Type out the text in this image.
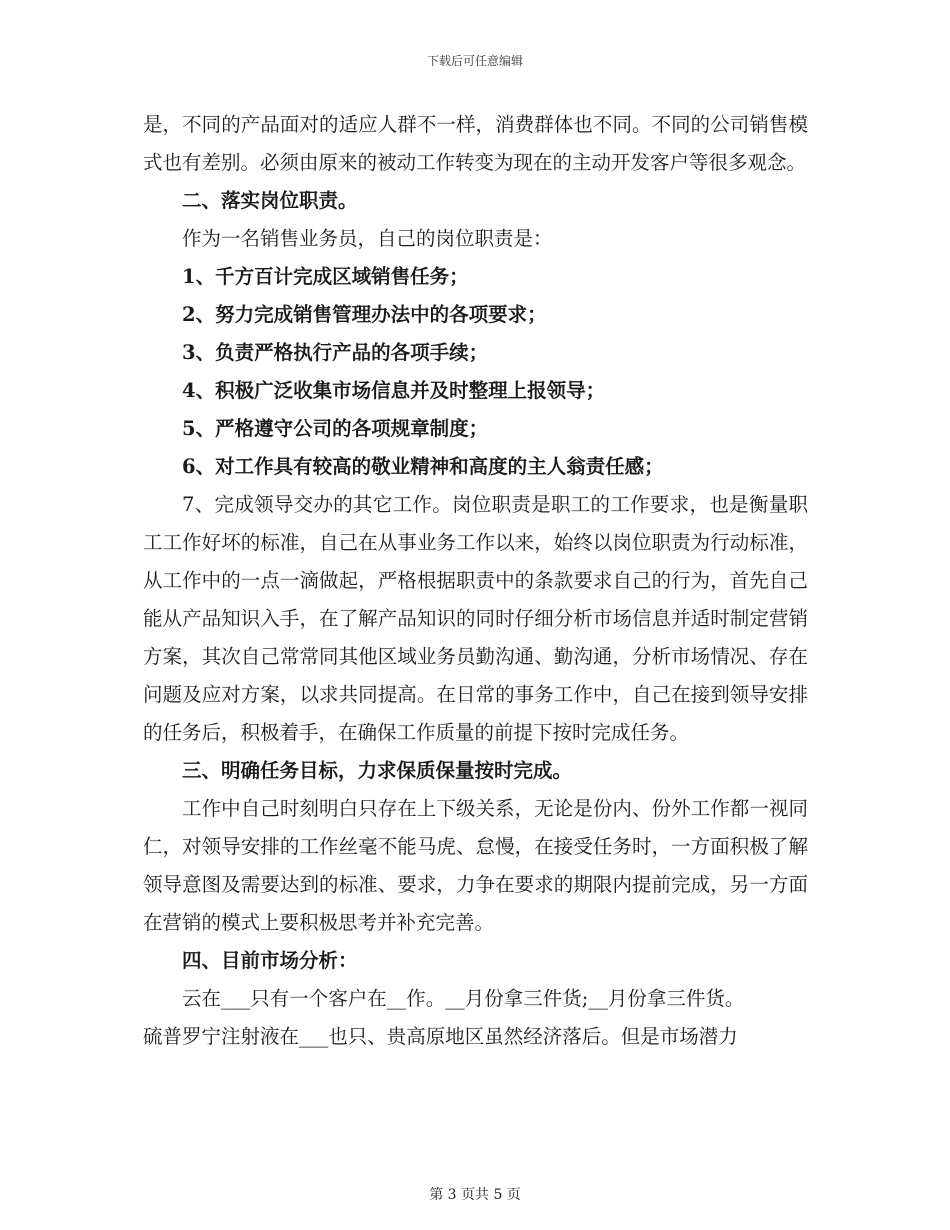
下载后可任意编辑

是，不同的产品面对的适应人群不一样，消费群体也不同。不同的公司销售模式也有差别。必须由原来的被动工作转变为现在的主动开发客户等很多观念。

二、落实岗位职责。

作为一名销售业务员，自己的岗位职责是：

1、千方百计完成区域销售任务；

2、努力完成销售管理办法中的各项要求；

3、负责严格执行产品的各项手续；

4、积极广泛收集市场信息并及时整理上报领导；

5、严格遵守公司的各项规章制度；

6、对工作具有较高的敬业精神和高度的主人翁责任感；

7、完成领导交办的其它工作。岗位职责是职工的工作要求，也是衡量职工工作好坏的标准，自己在从事业务工作以来，始终以岗位职责为行动标准，从工作中的一点一滴做起，严格根据职责中的条款要求自己的行为，首先自己能从产品知识入手，在了解产品知识的同时仔细分析市场信息并适时制定营销方案，其次自己常常同其他区域业务员勤沟通、勤沟通，分析市场情况、存在问题及应对方案，以求共同提高。在日常的事务工作中，自己在接到领导安排的任务后，积极着手，在确保工作质量的前提下按时完成任务。

三、明确任务目标，力求保质保量按时完成。

工作中自己时刻明白只存在上下级关系，无论是份内、份外工作都一视同仁，对领导安排的工作丝毫不能马虎、怠慢，在接受任务时，一方面积极了解领导意图及需要达到的标准、要求，力争在要求的期限内提前完成，另一方面在营销的模式上要积极思考并补充完善。

四、目前市场分析：

云在___只有一个客户在__作。__月份拿三件货;__月份拿三件货。

硫普罗宁注射液在___也只、贵高原地区虽然经济落后。但是市场潜力

第 3 页共 5 页
